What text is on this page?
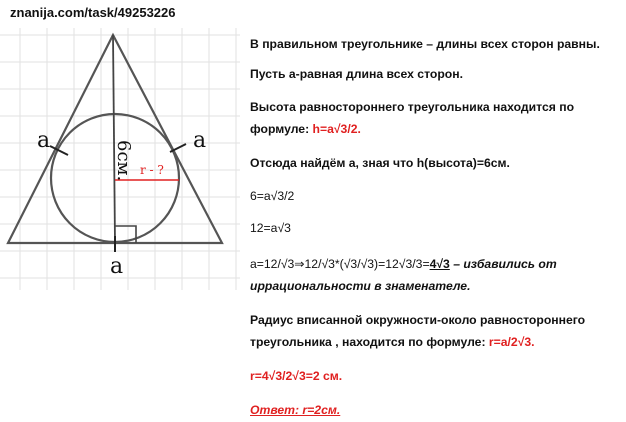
a	a
a
6см. r - ?
znanija.com/task/49253226
В правильном треугольнике – длины всех сторон равны.
Пусть а-равная длина всех сторон.
Высота равностороннего треугольника находится по
формуле: h=a√3/2.
Отсюда найдём а, зная что h(высота)=6см.
6=a√3/2
12=a√3
a=12/√3⇒12/√3*(√3/√3)=12√3/3=4√3 – избавились от
иррациональности в знаменателе.
Радиус вписанной окружности-около равностороннего
треугольника , находится по формуле: r=a/2√3.
r=4√3/2√3=2 см.
Ответ: r=2см.
